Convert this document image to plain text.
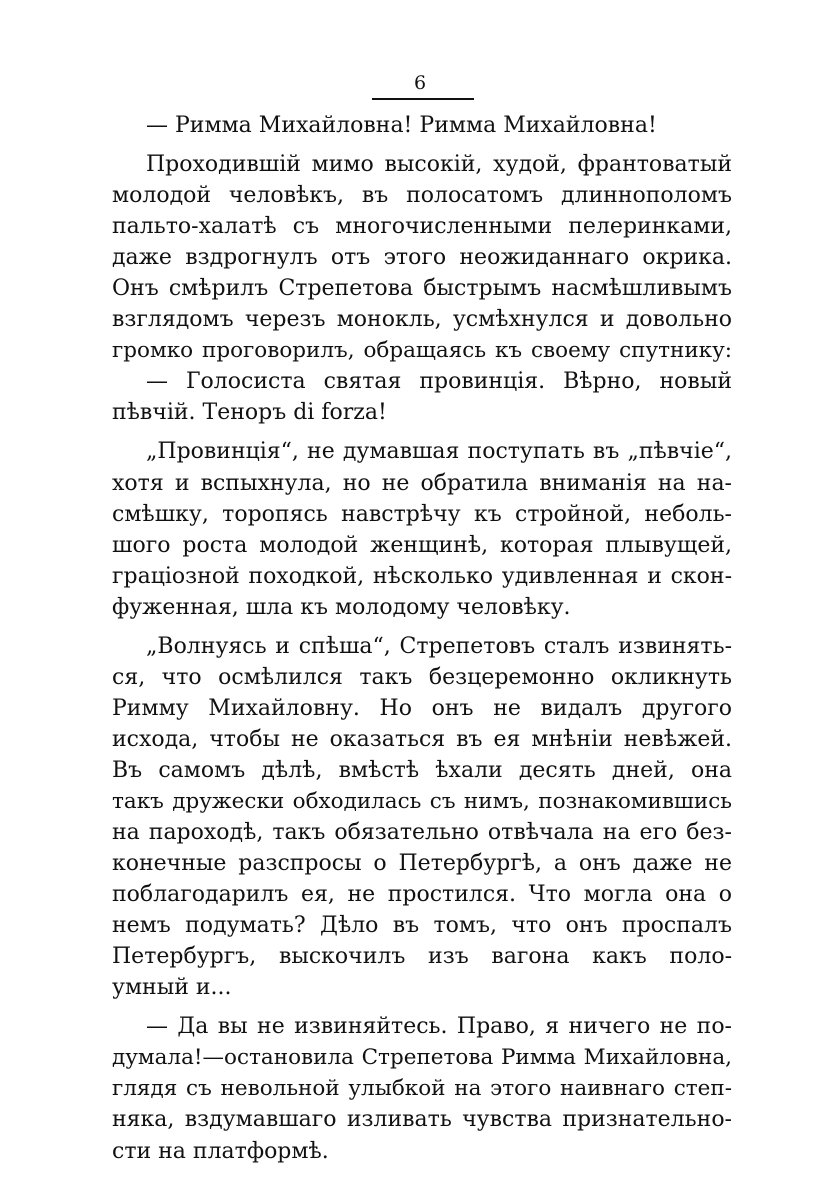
6
— Римма Михайловна! Римма Михайловна!
Проходившій мимо высокій, худой, франтоватый
молодой человѣкъ, въ полосатомъ длиннополомъ
пальто-халатѣ съ многочисленными пелеринками,
даже вздрогнулъ отъ этого неожиданнаго окрика.
Онъ смѣрилъ Стрепетова быстрымъ насмѣшливымъ
взглядомъ черезъ монокль, усмѣхнулся и довольно
громко проговорилъ, обращаясь къ своему спутнику:
— Голосиста святая провинція. Вѣрно, новый
пѣвчій. Теноръ di forza!
„Провинція“, не думавшая поступать въ „пѣвчіе“,
хотя и вспыхнула, но не обратила вниманія на на-
смѣшку, торопясь навстрѣчу къ стройной, неболь-
шого роста молодой женщинѣ, которая плывущей,
граціозной походкой, нѣсколько удивленная и скон-
фуженная, шла къ молодому человѣку.
„Волнуясь и спѣша“, Стрепетовъ сталъ извинять-
ся, что осмѣлился такъ безцеремонно окликнуть
Римму Михайловну. Но онъ не видалъ другого
исхода, чтобы не оказаться въ ея мнѣніи невѣжей.
Въ самомъ дѣлѣ, вмѣстѣ ѣхали десять дней, она
такъ дружески обходилась съ нимъ, познакомившись
на пароходѣ, такъ обязательно отвѣчала на его без-
конечные разспросы о Петербургѣ, а онъ даже не
поблагодарилъ ея, не простился. Что могла она о
немъ подумать? Дѣло въ томъ, что онъ проспалъ
Петербургъ, выскочилъ изъ вагона какъ поло-
умный и...
— Да вы не извиняйтесь. Право, я ничего не по-
думала!—остановила Стрепетова Римма Михайловна,
глядя съ невольной улыбкой на этого наивнаго степ-
няка, вздумавшаго изливать чувства признательно-
сти на платформѣ.
